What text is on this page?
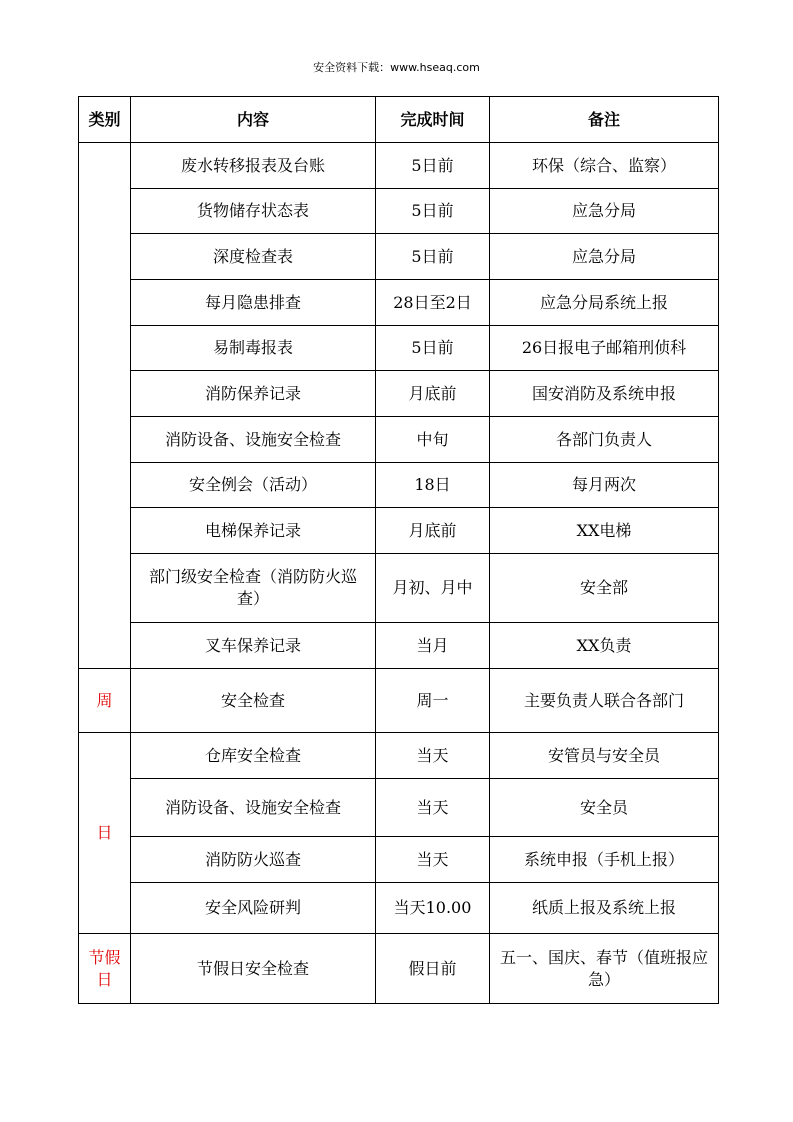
安全资料下载：www.hseaq.com
类别	内容	完成时间	备注
	废水转移报表及台账	5日前	环保（综合、监察）
	货物储存状态表	5日前	应急分局
	深度检查表	5日前	应急分局
	每月隐患排查	28日至2日	应急分局系统上报
	易制毒报表	5日前	26日报电子邮箱刑侦科
	消防保养记录	月底前	国安消防及系统申报
	消防设备、设施安全检查	中旬	各部门负责人
	安全例会（活动）	18日	每月两次
	电梯保养记录	月底前	XX电梯
	部门级安全检查（消防防火巡查）	月初、月中	安全部
	叉车保养记录	当月	XX负责
周	安全检查	周一	主要负责人联合各部门
日	仓库安全检查	当天	安管员与安全员
	消防设备、设施安全检查	当天	安全员
	消防防火巡查	当天	系统申报（手机上报）
	安全风险研判	当天10.00	纸质上报及系统上报
节假日	节假日安全检查	假日前	五一、国庆、春节（值班报应急）
